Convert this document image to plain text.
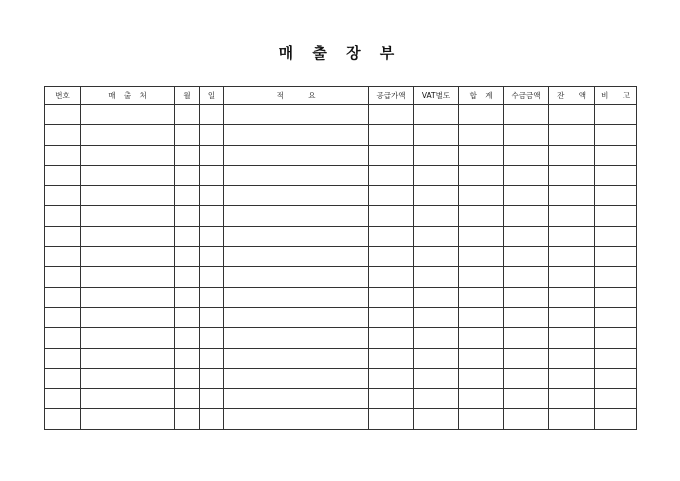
매 출 장 부
번호	매 출 처	월	일	적 요	공급가액	VAT별도	합 계	수금금액	잔 액	비 고
